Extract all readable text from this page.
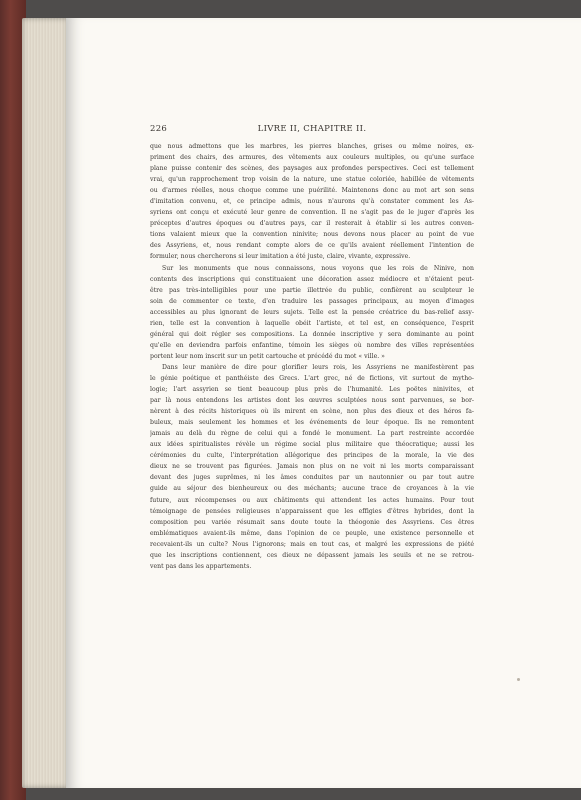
226	LIVRE II, CHAPITRE II.
que nous admettons que les marbres, les pierres blanches, grises ou même noires, ex-
priment des chairs, des armures, des vêtements aux couleurs multiples, ou qu'une surface
plane puisse contenir des scènes, des paysages aux profondes perspectives. Ceci est tellement
vrai, qu'un rapprochement trop voisin de la nature, une statue coloriée, habillée de vêtements
ou d'armes réelles, nous choque comme une puérilité. Maintenons donc au mot art son sens
d'imitation convenu, et, ce principe admis, nous n'aurons qu'à constater comment les As-
syriens ont conçu et exécuté leur genre de convention. Il ne s'agit pas de le juger d'après les
préceptes d'autres époques ou d'autres pays, car il resterait à établir si les autres conven-
tions valaient mieux que la convention ninivite; nous devons nous placer au point de vue
des Assyriens, et, nous rendant compte alors de ce qu'ils avaient réellement l'intention de
formuler, nous chercherons si leur imitation a été juste, claire, vivante, expressive.
Sur les monuments que nous connaissons, nous voyons que les rois de Ninive, non
contents des inscriptions qui constituaient une décoration assez médiocre et n'étaient peut-
être pas très-intelligibles pour une partie illettrée du public, confièrent au sculpteur le
soin de commenter ce texte, d'en traduire les passages principaux, au moyen d'images
accessibles au plus ignorant de leurs sujets. Telle est la pensée créatrice du bas-relief assy-
rien, telle est la convention à laquelle obéit l'artiste, et tel est, en conséquence, l'esprit
général qui doit régler ses compositions. La donnée inscriptive y sera dominante au point
qu'elle en deviendra parfois enfantine, témoin les sièges où nombre des villes représentées
portent leur nom inscrit sur un petit cartouche et précédé du mot « ville. »
Dans leur manière de dire pour glorifier leurs rois, les Assyriens ne manifestèrent pas
le génie poétique et panthéiste des Grecs. L'art grec, né de fictions, vit surtout de mytho-
logie; l'art assyrien se tient beaucoup plus près de l'humanité. Les poëtes ninivites, et
par là nous entendons les artistes dont les œuvres sculptées nous sont parvenues, se bor-
nèrent à des récits historiques où ils mirent en scène, non plus des dieux et des héros fa-
buleux, mais seulement les hommes et les événements de leur époque. Ils ne remontent
jamais au delà du règne de celui qui a fondé le monument. La part restreinte accordée
aux idées spiritualistes révèle un régime social plus militaire que théocratique; aussi les
cérémonies du culte, l'interprétation allégorique des principes de la morale, la vie des
dieux ne se trouvent pas figurées. Jamais non plus on ne voit ni les morts comparaissant
devant des juges suprêmes, ni les âmes conduites par un nautonnier ou par tout autre
guide au séjour des bienheureux ou des méchants; aucune trace de croyances à la vie
future, aux récompenses ou aux châtiments qui attendent les actes humains. Pour tout
témoignage de pensées religieuses n'apparaissent que les effigies d'êtres hybrides, dont la
composition peu variée résumait sans doute toute la théogonie des Assyriens. Ces êtres
emblématiques avaient-ils même, dans l'opinion de ce peuple, une existence personnelle et
recevaient-ils un culte? Nous l'ignorons; mais en tout cas, et malgré les expressions de piété
que les inscriptions contiennent, ces dieux ne dépassent jamais les seuils et ne se retrou-
vent pas dans les appartements.
